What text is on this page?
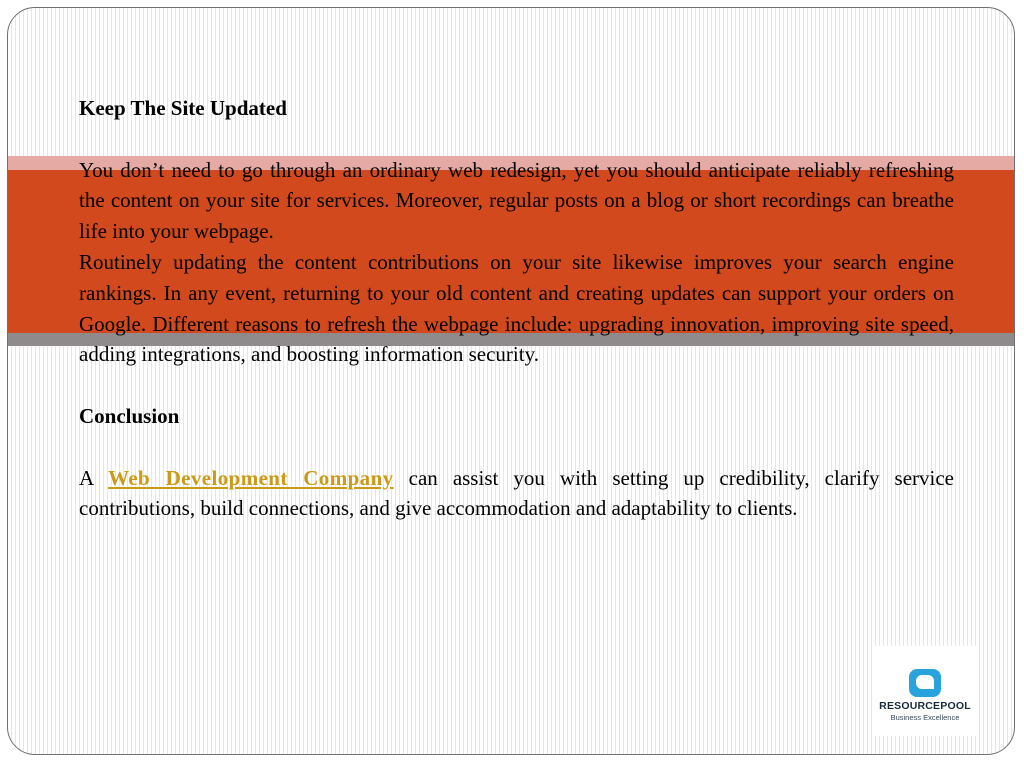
Keep The Site Updated

You don’t need to go through an ordinary web redesign, yet you should anticipate reliably refreshing the content on your site for services. Moreover, regular posts on a blog or short recordings can breathe life into your webpage.

Routinely updating the content contributions on your site likewise improves your search engine rankings. In any event, returning to your old content and creating updates can support your orders on Google. Different reasons to refresh the webpage include: upgrading innovation, improving site speed, adding integrations, and boosting information security.

Conclusion

A Web Development Company can assist you with setting up credibility, clarify service contributions, build connections, and give accommodation and adaptability to clients.

RESOURCEPOOL
Business Excellence
